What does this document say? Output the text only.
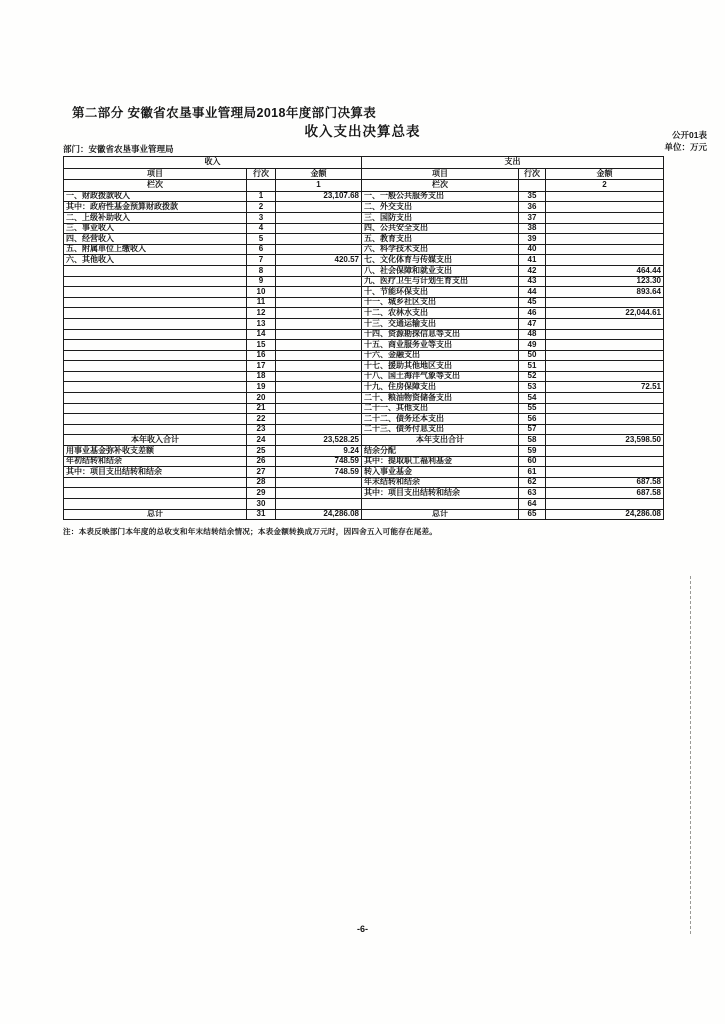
第二部分 安徽省农垦事业管理局2018年度部门决算表
收入支出决算总表	公开01表
单位：万元
部门：安徽省农垦事业管理局
收入			支出		
项目	行次	金额	项目	行次	金额
栏次		1	栏次		2
一、财政拨款收入	1	23,107.68	一、一般公共服务支出	35	
其中：政府性基金预算财政拨款	2		二、外交支出	36	
二、上级补助收入	3		三、国防支出	37	
三、事业收入	4		四、公共安全支出	38	
四、经营收入	5		五、教育支出	39	
五、附属单位上缴收入	6		六、科学技术支出	40	
六、其他收入	7	420.57	七、文化体育与传媒支出	41	
	8		八、社会保障和就业支出	42	464.44
	9		九、医疗卫生与计划生育支出	43	123.30
	10		十、节能环保支出	44	893.64
	11		十一、城乡社区支出	45	
	12		十二、农林水支出	46	22,044.61
	13		十三、交通运输支出	47	
	14		十四、资源勘探信息等支出	48	
	15		十五、商业服务业等支出	49	
	16		十六、金融支出	50	
	17		十七、援助其他地区支出	51	
	18		十八、国土海洋气象等支出	52	
	19		十九、住房保障支出	53	72.51
	20		二十、粮油物资储备支出	54	
	21		二十一、其他支出	55	
	22		二十二、债务还本支出	56	
	23		二十三、债务付息支出	57	
本年收入合计	24	23,528.25	本年支出合计	58	23,598.50
用事业基金弥补收支差额	25	9.24	结余分配	59	
年初结转和结余	26	748.59	其中：提取职工福利基金	60	
其中：项目支出结转和结余	27	748.59	转入事业基金	61	
	28		年末结转和结余	62	687.58
	29		其中：项目支出结转和结余	63	687.58
	30			64	
总计	31	24,286.08	总计	65	24,286.08
注：本表反映部门本年度的总收支和年末结转结余情况；本表金额转换成万元时，因四舍五入可能存在尾差。
-6-
